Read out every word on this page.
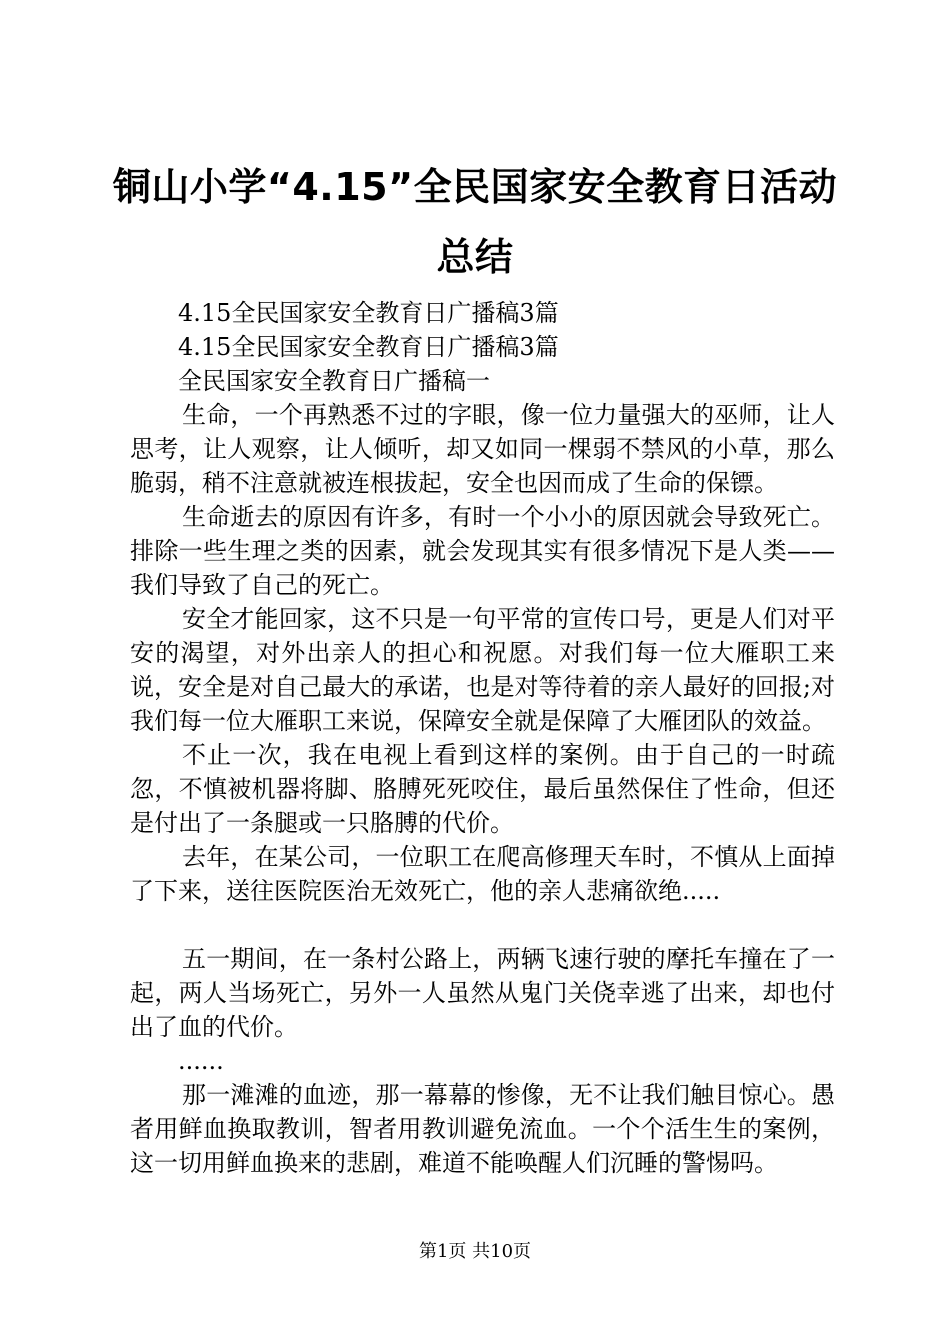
铜山小学“4.15”全民国家安全教育日活动总结

4.15全民国家安全教育日广播稿3篇

4.15全民国家安全教育日广播稿3篇

全民国家安全教育日广播稿一

生命，一个再熟悉不过的字眼，像一位力量强大的巫师，让人思考，让人观察，让人倾听，却又如同一棵弱不禁风的小草，那么脆弱，稍不注意就被连根拔起，安全也因而成了生命的保镖。

生命逝去的原因有许多，有时一个小小的原因就会导致死亡。排除一些生理之类的因素，就会发现其实有很多情况下是人类——我们导致了自己的死亡。

安全才能回家，这不只是一句平常的宣传口号，更是人们对平安的渴望，对外出亲人的担心和祝愿。对我们每一位大雁职工来说，安全是对自己最大的承诺，也是对等待着的亲人最好的回报;对我们每一位大雁职工来说，保障安全就是保障了大雁团队的效益。

不止一次，我在电视上看到这样的案例。由于自己的一时疏忽，不慎被机器将脚、胳膊死死咬住，最后虽然保住了性命，但还是付出了一条腿或一只胳膊的代价。

去年，在某公司，一位职工在爬高修理天车时，不慎从上面掉了下来，送往医院医治无效死亡，他的亲人悲痛欲绝.....

五一期间，在一条村公路上，两辆飞速行驶的摩托车撞在了一起，两人当场死亡，另外一人虽然从鬼门关侥幸逃了出来，却也付出了血的代价。

......

那一滩滩的血迹，那一幕幕的惨像，无不让我们触目惊心。愚者用鲜血换取教训，智者用教训避免流血。一个个活生生的案例，这一切用鲜血换来的悲剧，难道不能唤醒人们沉睡的警惕吗。

第1页 共10页
